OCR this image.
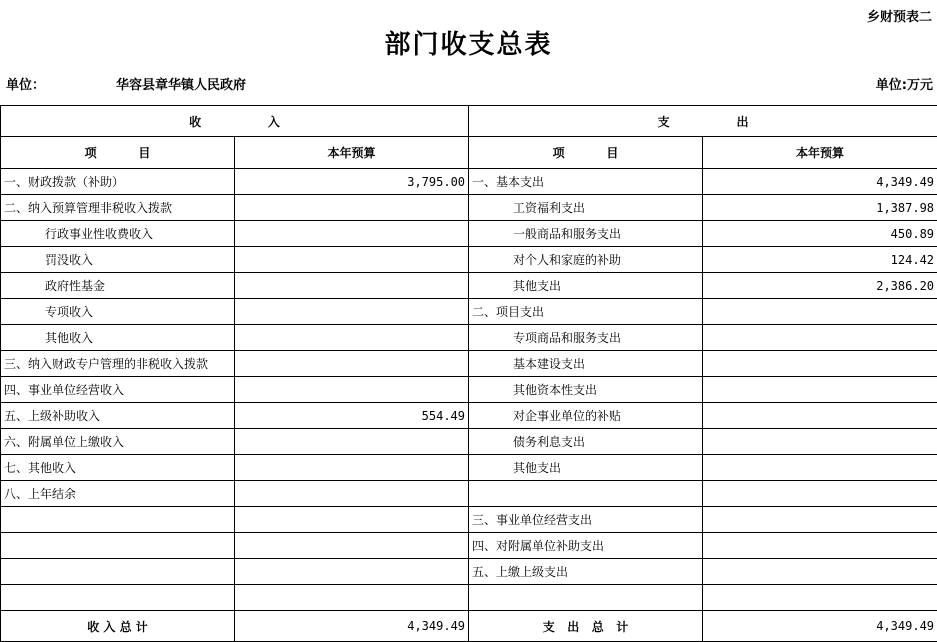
乡财预表二
部门收支总表
单位：	华容县章华镇人民政府	单位:万元
收                入		支                出	
项          目	本年预算	项          目	本年预算
一、财政拨款（补助）	3,795.00	一、基本支出	4,349.49
二、纳入预算管理非税收入拨款		工资福利支出	1,387.98
行政事业性收费收入		一般商品和服务支出	450.89
罚没收入		对个人和家庭的补助	124.42
政府性基金		其他支出	2,386.20
专项收入		二、项目支出	
其他收入		专项商品和服务支出	
三、纳入财政专户管理的非税收入拨款		基本建设支出	
四、事业单位经营收入		其他资本性支出	
五、上级补助收入	554.49	对企事业单位的补贴	
六、附属单位上缴收入		债务利息支出	
七、其他收入		其他支出	
八、上年结余			
		三、事业单位经营支出	
		四、对附属单位补助支出	
		五、上缴上级支出	

收 入 总 计	4,349.49	支   出   总   计	4,349.49
